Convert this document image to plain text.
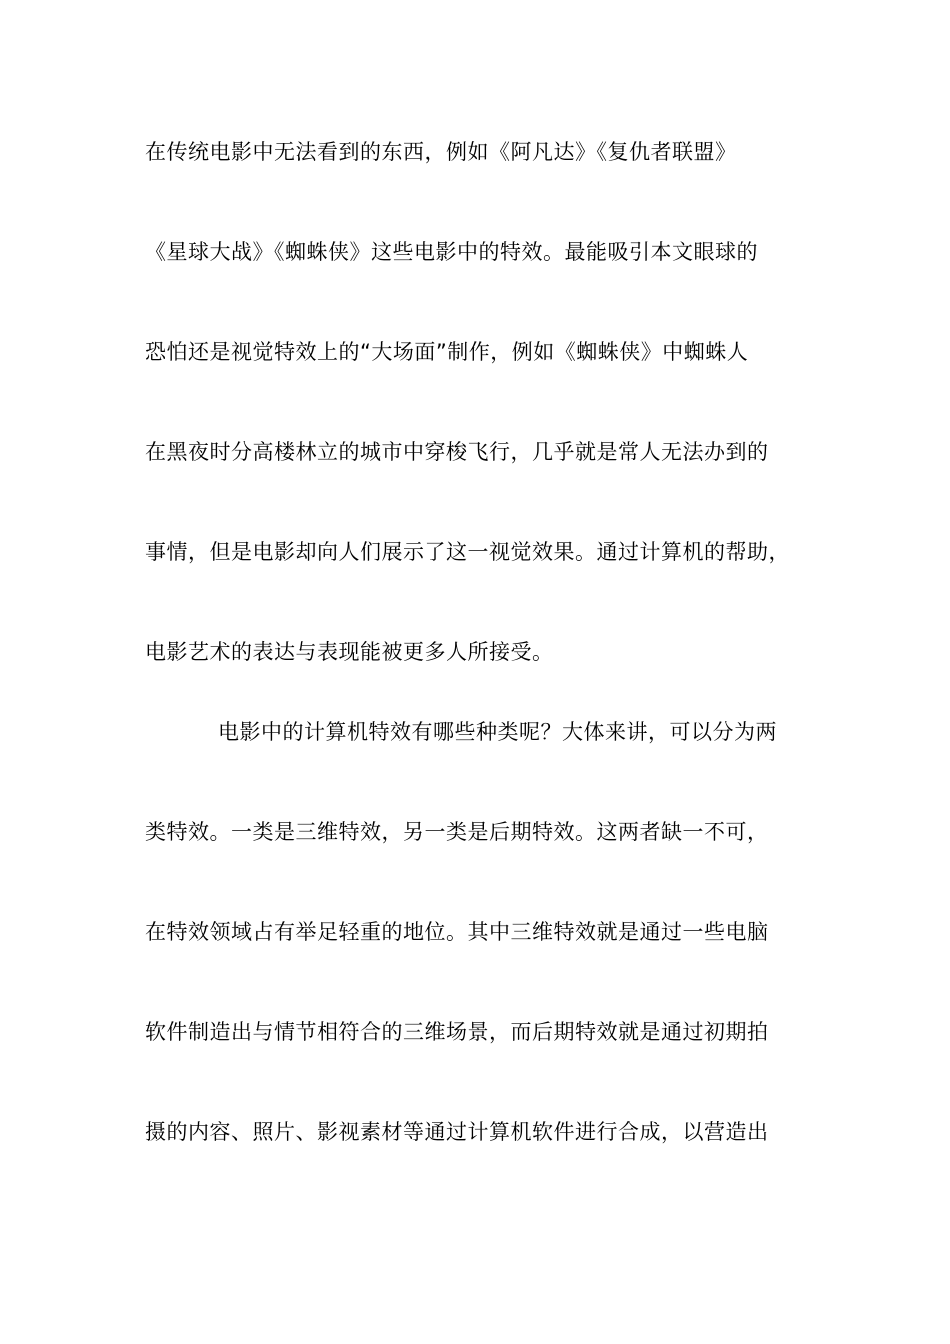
在传统电影中无法看到的东西，例如《阿凡达》《复仇者联盟》
《星球大战》《蜘蛛侠》这些电影中的特效。最能吸引本文眼球的
恐怕还是视觉特效上的“大场面”制作，例如《蜘蛛侠》中蜘蛛人
在黑夜时分高楼林立的城市中穿梭飞行，几乎就是常人无法办到的
事情，但是电影却向人们展示了这一视觉效果。通过计算机的帮助，
电影艺术的表达与表现能被更多人所接受。
电影中的计算机特效有哪些种类呢？大体来讲，可以分为两
类特效。一类是三维特效，另一类是后期特效。这两者缺一不可，
在特效领域占有举足轻重的地位。其中三维特效就是通过一些电脑
软件制造出与情节相符合的三维场景，而后期特效就是通过初期拍
摄的内容、照片、影视素材等通过计算机软件进行合成，以营造出
